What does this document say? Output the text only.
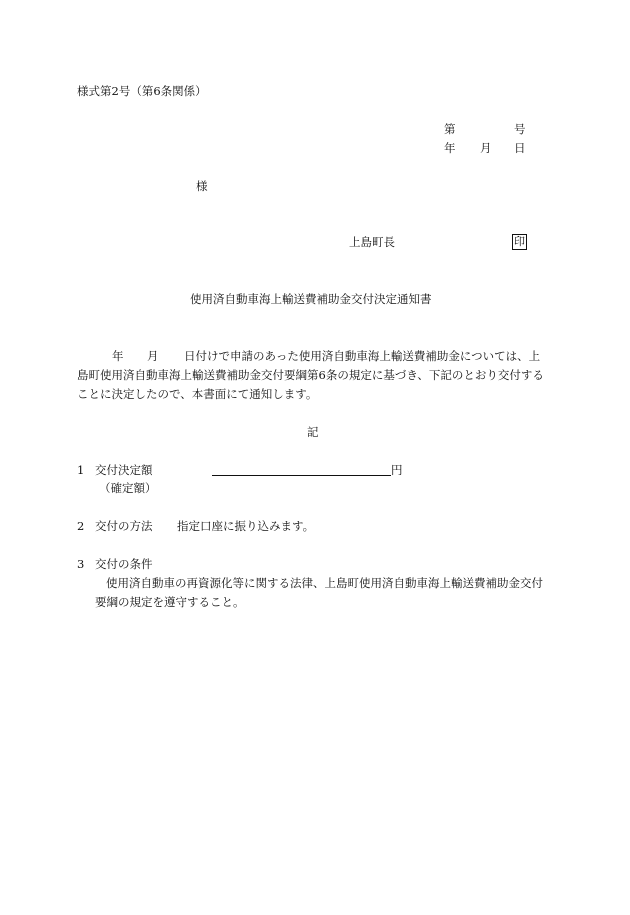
様式第2号（第6条関係）
第	号
年 月 日
様
上島町長	印
使用済自動車海上輸送費補助金交付決定通知書
年 月 日付けで申請のあった使用済自動車海上輸送費補助金については、上
島町使用済自動車海上輸送費補助金交付要綱第6条の規定に基づき、下記のとおり交付する
ことに決定したので、本書面にて通知します。
記
1 交付決定額	円
（確定額）
2 交付の方法 指定口座に振り込みます。
3 交付の条件
使用済自動車の再資源化等に関する法律、上島町使用済自動車海上輸送費補助金交付
要綱の規定を遵守すること。
